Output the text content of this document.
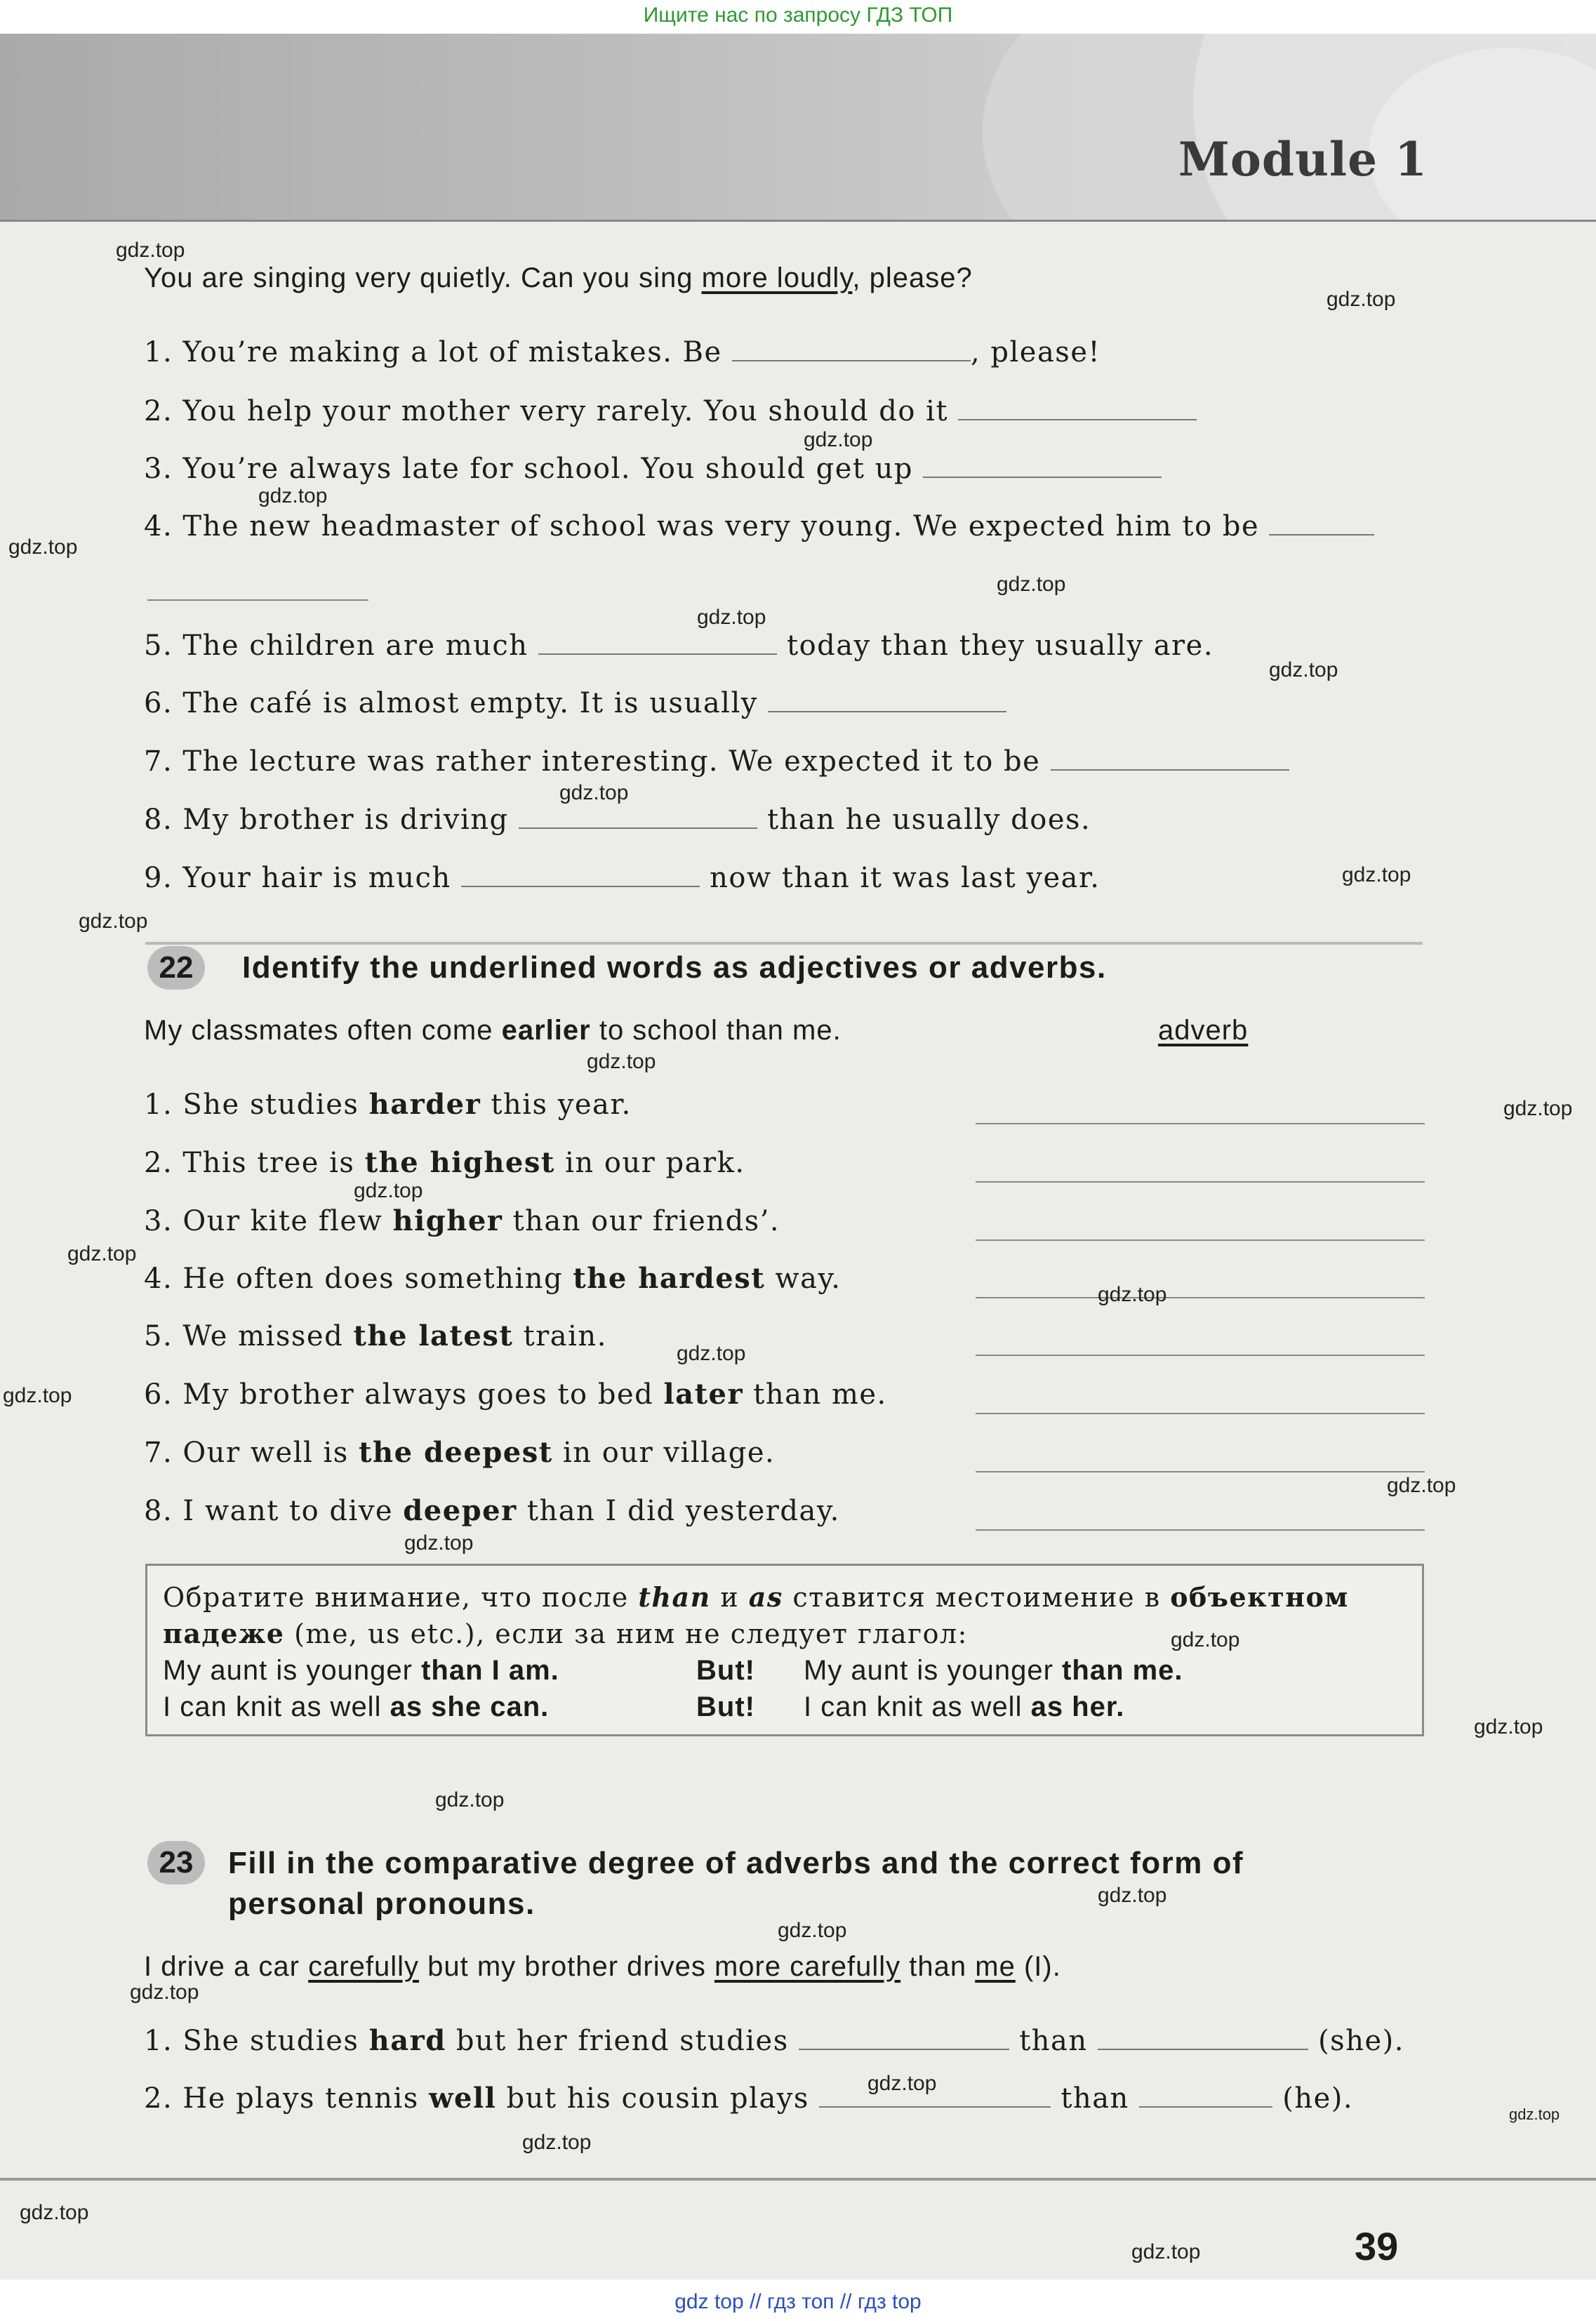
Ищите нас по запросу ГДЗ ТОП
Module 1
You are singing very quietly. Can you sing more loudly, please?
1. You’re making a lot of mistakes. Be	, please!
2. You help your mother very rarely. You should do it
3. You’re always late for school. You should get up
4. The new headmaster of school was very young. We expected him to be
5. The children are much	today than they usually are.
6. The café is almost empty. It is usually
7. The lecture was rather interesting. We expected it to be
8. My brother is driving	than he usually does.
9. Your hair is much	now than it was last year.
22	Identify the underlined words as adjectives or adverbs.
My classmates often come earlier to school than me.	adverb
1. She studies harder this year.
2. This tree is the highest in our park.
3. Our kite flew higher than our friends’.
4. He often does something the hardest way.
5. We missed the latest train.
6. My brother always goes to bed later than me.
7. Our well is the deepest in our village.
8. I want to dive deeper than I did yesterday.
Обратите внимание, что после than и as ставится местоимение в объектном
падеже (me, us etc.), если за ним не следует глагол:
My aunt is younger than I am.	But! My aunt is younger than me.
I can knit as well as she can.	But! I can knit as well as her.
23	Fill in the comparative degree of adverbs and the correct form of
personal pronouns.
I drive a car carefully but my brother drives more carefully than me (I).
1. She studies hard but her friend studies	than	(she).
2. He plays tennis well but his cousin plays	than	(he).
39
gdz.top
gdz.top
gdz.top
gdz.top
gdz.top
gdz.top
gdz.top
gdz.top
gdz.top
gdz.top
gdz.top
gdz.top
gdz.top
gdz.top
gdz.top
gdz.top
gdz.top
gdz.top
gdz.top
gdz.top
gdz.top
gdz.top
gdz.top
gdz.top
gdz.top
gdz.top
gdz.top
gdz.top
gdz.top
gdz.top
gdz.top
gdz top // гдз топ // гдз top
